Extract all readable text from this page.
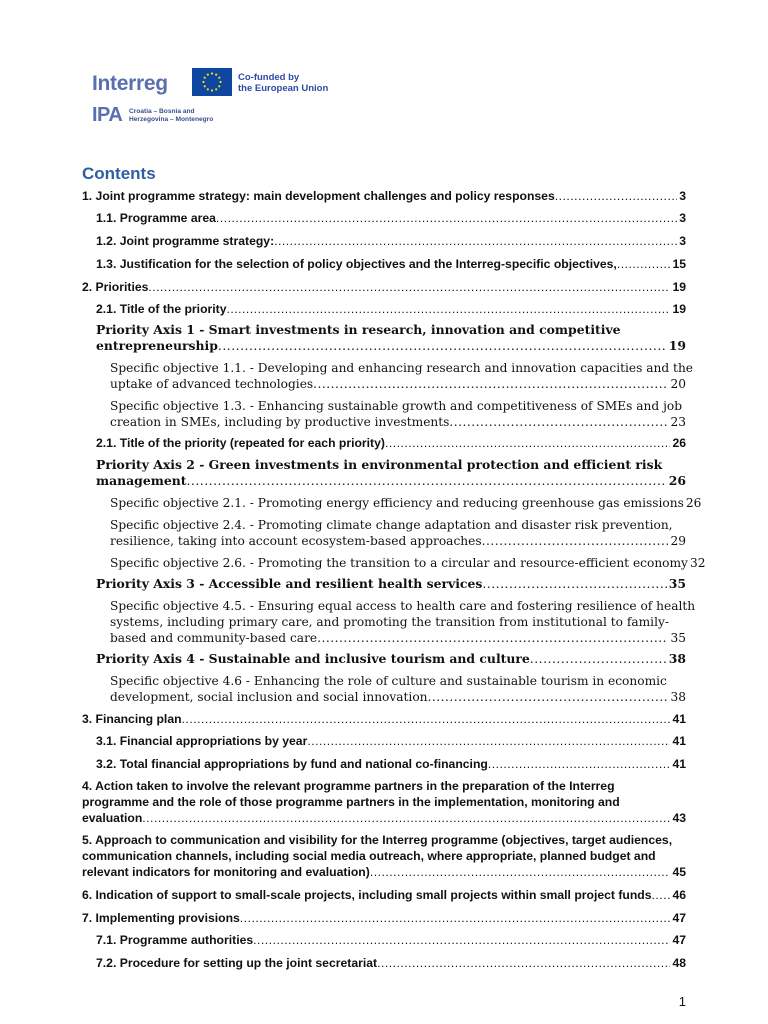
Interreg	Co-funded by
the European Union
IPA Croatia – Bosnia and
Herzegovina – Montenegro
Contents
1. Joint programme strategy: main development challenges and policy responses .....	3
1.1. Programme area .....	3
1.2. Joint programme strategy: .....	3
1.3. Justification for the selection of policy objectives and the Interreg-specific objectives, .....	15
2. Priorities .....	19
2.1. Title of the priority .....	19
Priority Axis 1 - Smart investments in research, innovation and competitive
entrepreneurship .....	19
Specific objective 1.1. - Developing and enhancing research and innovation capacities and the
uptake of advanced technologies .....	20
Specific objective 1.3. - Enhancing sustainable growth and competitiveness of SMEs and job
creation in SMEs, including by productive investments .....	23
2.1. Title of the priority (repeated for each priority) .....	26
Priority Axis 2 - Green investments in environmental protection and efficient risk
management .....	26
Specific objective 2.1. - Promoting energy efficiency and reducing greenhouse gas emissions 26
Specific objective 2.4. - Promoting climate change adaptation and disaster risk prevention,
resilience, taking into account ecosystem-based approaches .....	29
Specific objective 2.6. - Promoting the transition to a circular and resource-efficient economy 32
Priority Axis 3 - Accessible and resilient health services .....	35
Specific objective 4.5. - Ensuring equal access to health care and fostering resilience of health
systems, including primary care, and promoting the transition from institutional to family-
based and community-based care .....	35
Priority Axis 4 - Sustainable and inclusive tourism and culture .....	38
Specific objective 4.6 - Enhancing the role of culture and sustainable tourism in economic
development, social inclusion and social innovation .....	38
3. Financing plan .....	41
3.1. Financial appropriations by year .....	41
3.2. Total financial appropriations by fund and national co-financing .....	41
4. Action taken to involve the relevant programme partners in the preparation of the Interreg
programme and the role of those programme partners in the implementation, monitoring and
evaluation .....	43
5. Approach to communication and visibility for the Interreg programme (objectives, target audiences,
communication channels, including social media outreach, where appropriate, planned budget and
relevant indicators for monitoring and evaluation) .....	45
6. Indication of support to small-scale projects, including small projects within small project funds ..... 46
7. Implementing provisions .....	47
7.1. Programme authorities .....	47
7.2. Procedure for setting up the joint secretariat .....	48
1
